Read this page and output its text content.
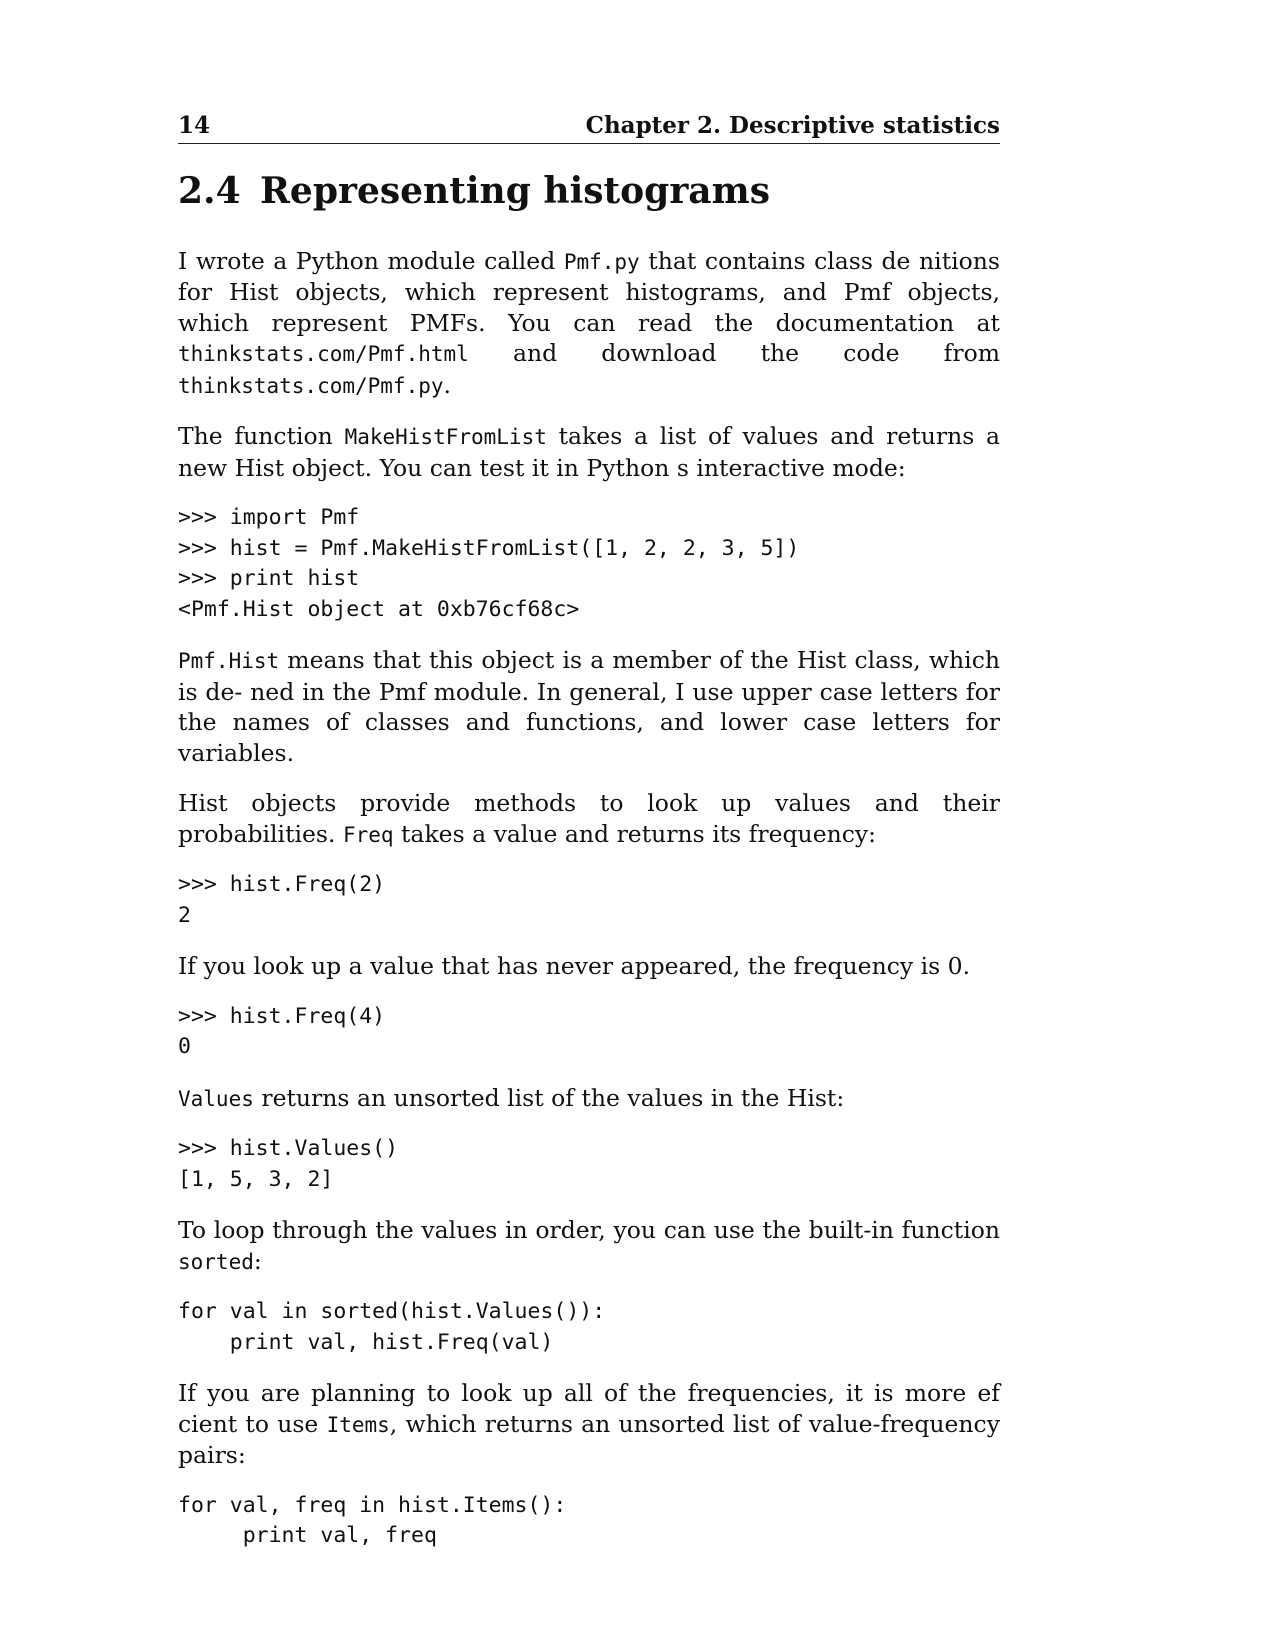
14	Chapter 2. Descriptive statistics
2.4 Representing histograms

I wrote a Python module called Pmf.py that contains class de nitions for Hist objects, which represent histograms, and Pmf objects, which represent PMFs. You can read the documentation at thinkstats.com/Pmf.html and download the code from thinkstats.com/Pmf.py.

The function MakeHistFromList takes a list of values and returns a new Hist object. You can test it in Python s interactive mode:

>>> import Pmf
>>> hist = Pmf.MakeHistFromList([1, 2, 2, 3, 5])
>>> print hist
<Pmf.Hist object at 0xb76cf68c>

Pmf.Hist means that this object is a member of the Hist class, which is de- ned in the Pmf module. In general, I use upper case letters for the names of classes and functions, and lower case letters for variables.

Hist objects provide methods to look up values and their probabilities. Freq takes a value and returns its frequency:

>>> hist.Freq(2)
2

If you look up a value that has never appeared, the frequency is 0.

>>> hist.Freq(4)
0

Values returns an unsorted list of the values in the Hist:

>>> hist.Values()
[1, 5, 3, 2]

To loop through the values in order, you can use the built-in function sorted:

for val in sorted(hist.Values()):
print val, hist.Freq(val)

If you are planning to look up all of the frequencies, it is more ef cient to use Items, which returns an unsorted list of value-frequency pairs:

for val, freq in hist.Items():
print val, freq
